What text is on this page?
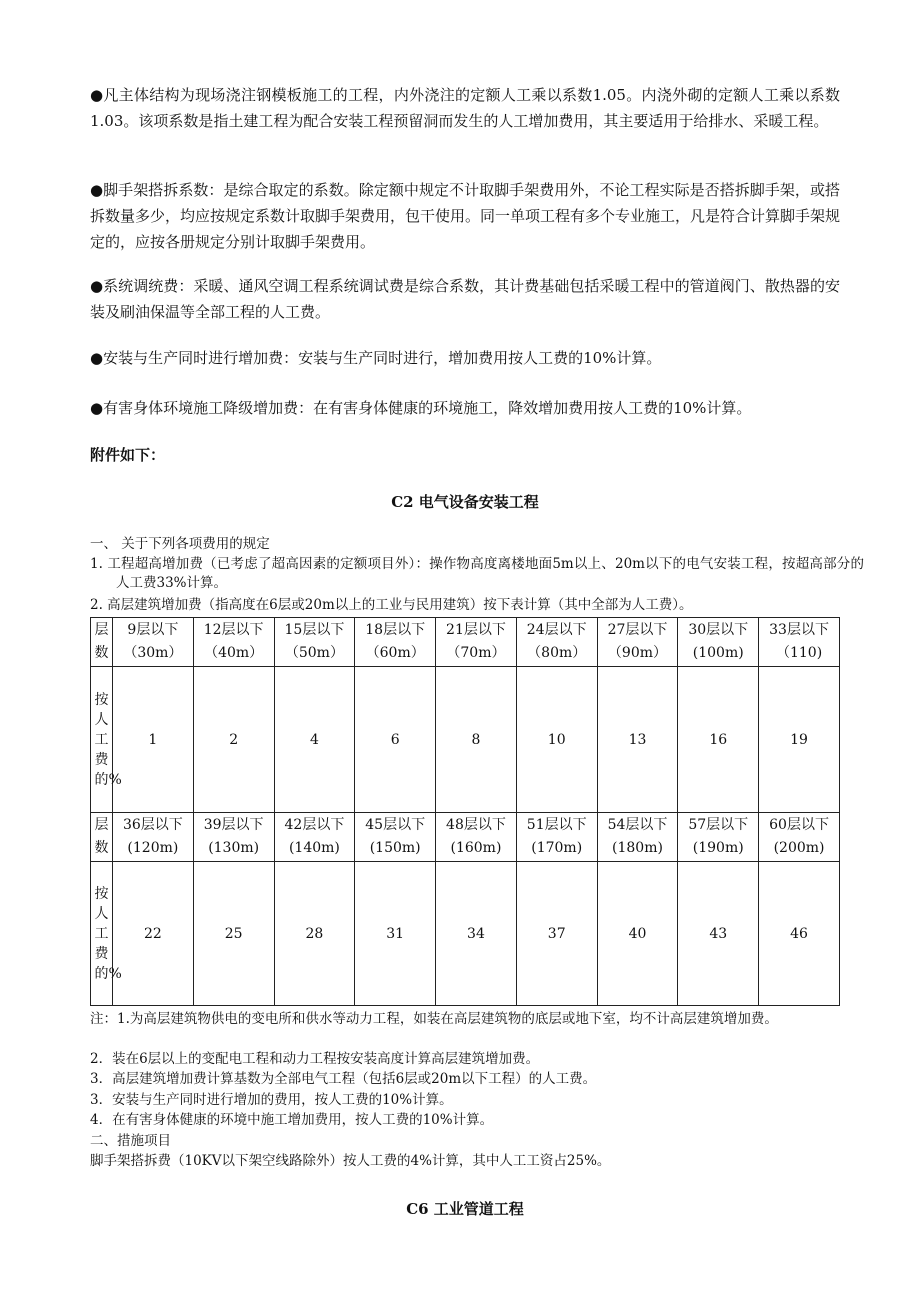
●凡主体结构为现场浇注钢模板施工的工程，内外浇注的定额人工乘以系数1.05。内浇外砌的定额人工乘以系数1.03。该项系数是指土建工程为配合安装工程预留洞而发生的人工增加费用，其主要适用于给排水、采暖工程。

●脚手架搭拆系数：是综合取定的系数。除定额中规定不计取脚手架费用外，不论工程实际是否搭拆脚手架，或搭拆数量多少，均应按规定系数计取脚手架费用，包干使用。同一单项工程有多个专业施工，凡是符合计算脚手架规定的，应按各册规定分别计取脚手架费用。

●系统调统费：采暖、通风空调工程系统调试费是综合系数，其计费基础包括采暖工程中的管道阀门、散热器的安装及刷油保温等全部工程的人工费。

●安装与生产同时进行增加费：安装与生产同时进行，增加费用按人工费的10%计算。

●有害身体环境施工降级增加费：在有害身体健康的环境施工，降效增加费用按人工费的10%计算。

附件如下：

C2 电气设备安装工程

一、 关于下列各项费用的规定

1. 工程超高增加费（已考虑了超高因素的定额项目外）：操作物高度离楼地面5m以上、20m以下的电气安装工程，按超高部分的人工费33%计算。

2. 高层建筑增加费（指高度在6层或20m以上的工业与民用建筑）按下表计算（其中全部为人工费）。

层数	9层以下（30m）	12层以下（40m）	15层以下（50m）	18层以下（60m）	21层以下（70m）	24层以下（80m）	27层以下（90m）	30层以下(100m)	33层以下（110)

按人工费的%	1	2	4	6	8	10	13	16	19

层数	36层以下(120m)	39层以下(130m)	42层以下(140m)	45层以下(150m)	48层以下(160m)	51层以下(170m)	54层以下(180m)	57层以下(190m)	60层以下(200m)

按人工费的%	22	25	28	31	34	37	40	43	46

注：1.为高层建筑物供电的变电所和供水等动力工程，如装在高层建筑物的底层或地下室，均不计高层建筑增加费。

2．装在6层以上的变配电工程和动力工程按安装高度计算高层建筑增加费。

3．高层建筑增加费计算基数为全部电气工程（包括6层或20m以下工程）的人工费。

3．安装与生产同时进行增加的费用，按人工费的10%计算。

4．在有害身体健康的环境中施工增加费用，按人工费的10%计算。

二、措施项目

脚手架搭拆费（10KV以下架空线路除外）按人工费的4%计算，其中人工工资占25%。

C6 工业管道工程
